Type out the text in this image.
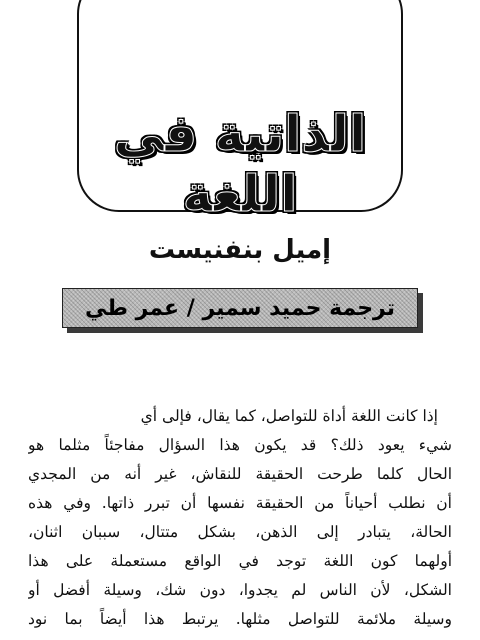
الذاتية في اللغة
إميل بنفنيست
ترجمة حميد سمير / عمر طي
إذا كانت اللغة أداة للتواصل، كما يقال، فإلى أي
شيء يعود ذلك؟ قد يكون هذا السؤال مفاجئاً مثلما هو
الحال كلما طرحت الحقيقة للنقاش، غير أنه من المجدي
أن نطلب أحياناً من الحقيقة نفسها أن تبرر ذاتها. وفي هذه
الحالة، يتبادر إلى الذهن، بشكل متتال، سببان اثنان،
أولهما كون اللغة توجد في الواقع مستعملة على هذا
الشكل، لأن الناس لم يجدوا، دون شك، وسيلة أفضل أو
وسيلة ملائمة للتواصل مثلها. يرتبط هذا أيضاً بما نود
